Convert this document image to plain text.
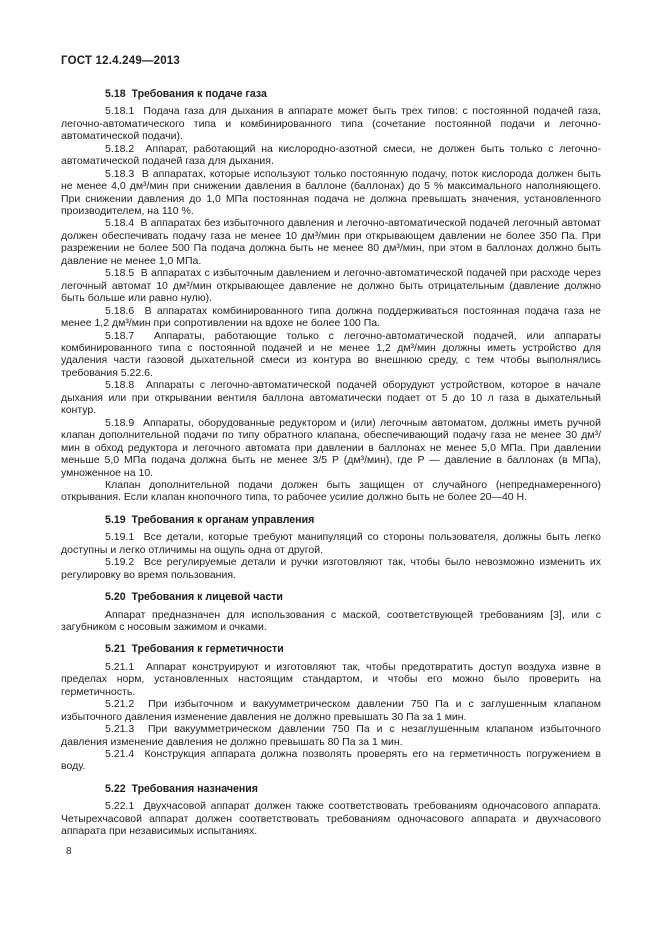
ГОСТ 12.4.249—2013
5.18  Требования к подаче газа

5.18.1  Подача газа для дыхания в аппарате может быть трех типов: с постоянной подачей газа, легочно-автоматического типа и комбинированного типа (сочетание постоянной подачи и легочно-автоматической подачи).

5.18.2  Аппарат, работающий на кислородно-азотной смеси, не должен быть только с легочно-автоматической подачей газа для дыхания.

5.18.3  В аппаратах, которые используют только постоянную подачу, поток кислорода должен быть не менее 4,0 дм³/мин при снижении давления в баллоне (баллонах) до 5 % максимального наполняющего. При снижении давления до 1,0 МПа постоянная подача не должна превышать значения, установленного производителем, на 110 %.

5.18.4  В аппаратах без избыточного давления и легочно-автоматической подачей легочный автомат должен обеспечивать подачу газа не менее 10 дм³/мин при открывающем давлении не более 350 Па. При разрежении не более 500 Па подача должна быть не менее 80 дм³/мин, при этом в баллонах должно быть давление не менее 1,0 МПа.

5.18.5  В аппаратах с избыточным давлением и легочно-автоматической подачей при расходе через легочный автомат 10 дм³/мин открывающее давление не должно быть отрицательным (давление должно быть больше или равно нулю).

5.18.6  В аппаратах комбинированного типа должна поддерживаться постоянная подача газа не менее 1,2 дм³/мин при сопротивлении на вдохе не более 100 Па.

5.18.7  Аппараты, работающие только с легочно-автоматической подачей, или аппараты комбинированного типа с постоянной подачей и не менее 1,2 дм³/мин должны иметь устройство для удаления части газовой дыхательной смеси из контура во внешнюю среду, с тем чтобы выполнялись требования 5.22.6.

5.18.8  Аппараты с легочно-автоматической подачей оборудуют устройством, которое в начале дыхания или при открывании вентиля баллона автоматически подает от 5 до 10 л газа в дыхательный контур.

5.18.9  Аппараты, оборудованные редуктором и (или) легочным автоматом, должны иметь ручной клапан дополнительной подачи по типу обратного клапана, обеспечивающий подачу газа не менее 30 дм³/мин в обход редуктора и легочного автомата при давлении в баллонах не менее 5,0 МПа. При давлении меньше 5,0 МПа подача должна быть не менее 3/5 P (дм³/мин), где P — давление в баллонах (в МПа), умноженное на 10.

Клапан дополнительной подачи должен быть защищен от случайного (непреднамеренного) открывания. Если клапан кнопочного типа, то рабочее усилие должно быть не более 20—40 Н.

5.19  Требования к органам управления

5.19.1  Все детали, которые требуют манипуляций со стороны пользователя, должны быть легко доступны и легко отличимы на ощупь одна от другой.

5.19.2  Все регулируемые детали и ручки изготовляют так, чтобы было невозможно изменить их регулировку во время пользования.

5.20  Требования к лицевой части

Аппарат предназначен для использования с маской, соответствующей требованиям [3], или с загубником с носовым зажимом и очками.

5.21  Требования к герметичности

5.21.1  Аппарат конструируют и изготовляют так, чтобы предотвратить доступ воздуха извне в пределах норм, установленных настоящим стандартом, и чтобы его можно было проверить на герметичность.

5.21.2  При избыточном и вакуумметрическом давлении 750 Па и с заглушенным клапаном избыточного давления изменение давления не должно превышать 30 Па за 1 мин.

5.21.3  При вакуумметрическом давлении 750 Па и с незаглушенным клапаном избыточного давления изменение давления не должно превышать 80 Па за 1 мин.

5.21.4  Конструкция аппарата должна позволять проверять его на герметичность погружением в воду.

5.22  Требования назначения

5.22.1  Двухчасовой аппарат должен также соответствовать требованиям одночасового аппарата. Четырехчасовой аппарат должен соответствовать требованиям одночасового аппарата и двухчасового аппарата при независимых испытаниях.

8
